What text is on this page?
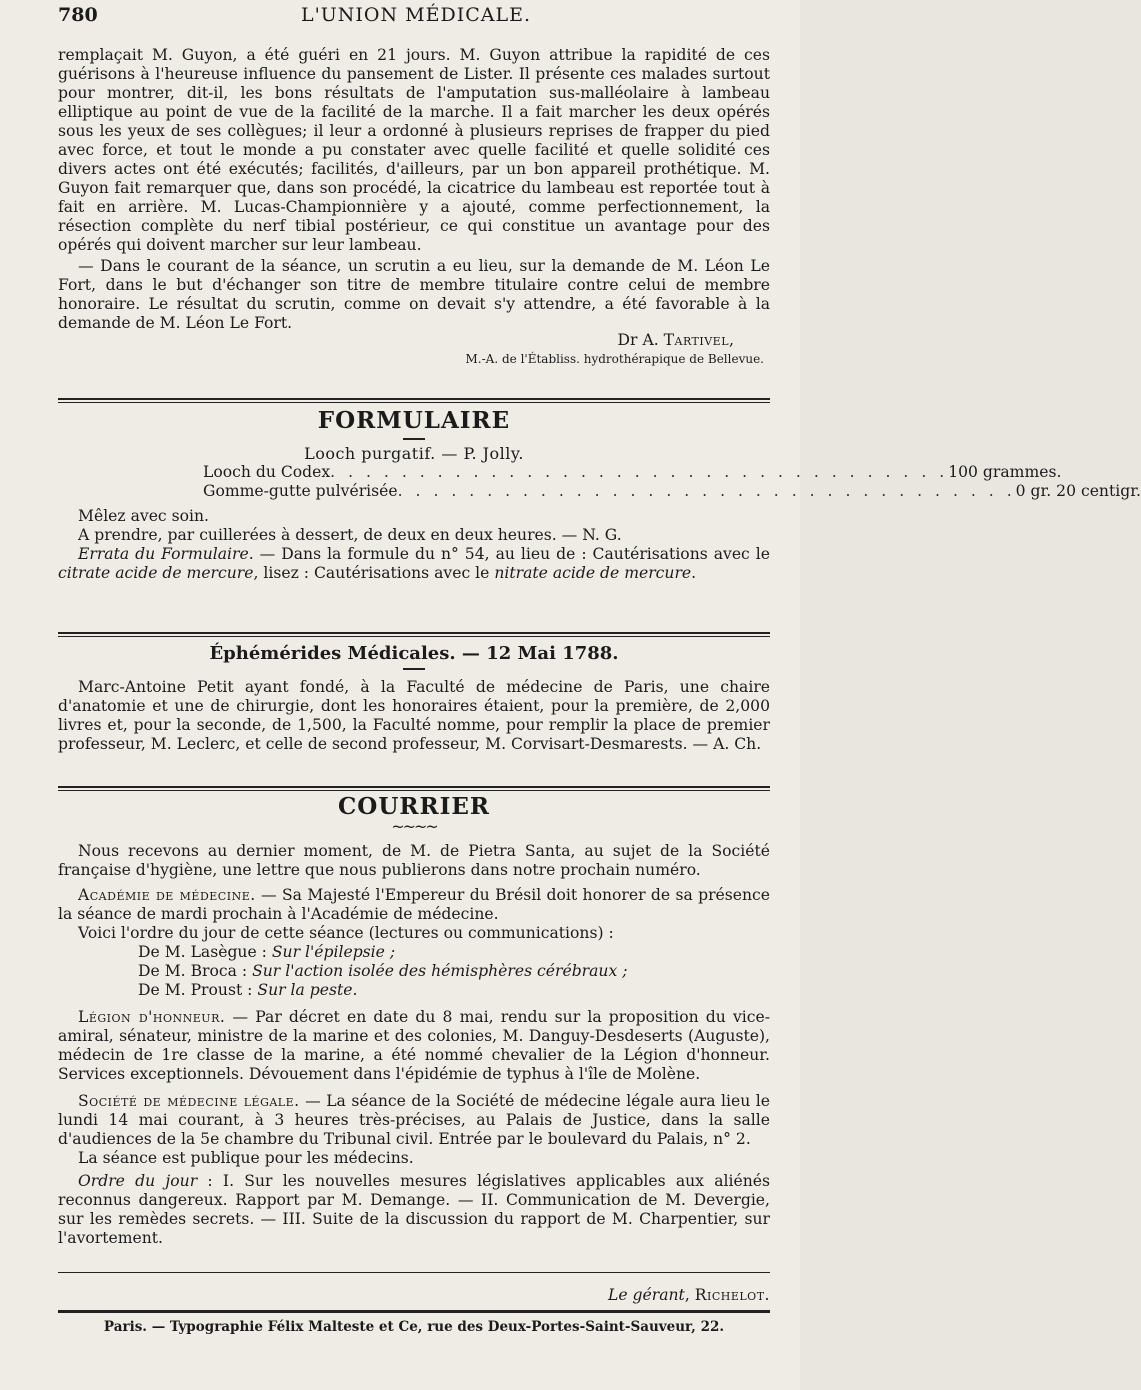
780	L'UNION MÉDICALE.

remplaçait M. Guyon, a été guéri en 21 jours. M. Guyon attribue la rapidité de ces guérisons à l'heureuse influence du pansement de Lister. Il présente ces malades surtout pour montrer, dit-il, les bons résultats de l'amputation sus-malléolaire à lambeau elliptique au point de vue de la facilité de la marche. Il a fait marcher les deux opérés sous les yeux de ses collègues; il leur a ordonné à plusieurs reprises de frapper du pied avec force, et tout le monde a pu constater avec quelle facilité et quelle solidité ces divers actes ont été exécutés; facilités, d'ailleurs, par un bon appareil prothétique. M. Guyon fait remarquer que, dans son procédé, la cicatrice du lambeau est reportée tout à fait en arrière. M. Lucas-Championnière y a ajouté, comme perfectionnement, la résection complète du nerf tibial postérieur, ce qui constitue un avantage pour des opérés qui doivent marcher sur leur lambeau.

— Dans le courant de la séance, un scrutin a eu lieu, sur la demande de M. Léon Le Fort, dans le but d'échanger son titre de membre titulaire contre celui de membre honoraire. Le résultat du scrutin, comme on devait s'y attendre, a été favorable à la demande de M. Léon Le Fort.

Dr A. Tartivel,
M.-A. de l'Établiss. hydrothérapique de Bellevue.
FORMULAIRE
Looch purgatif. — P. Jolly.
Looch du Codex . . . . . . . . . . . . . . . . . . . . . . . . . . . . . . . . . . . 100 grammes.
Gomme-gutte pulvérisée . . . . . . . . . . . . . . . . . . . . . . . . . . . . . . . . . . . 0 gr. 20 centigr.

Mêlez avec soin.

A prendre, par cuillerées à dessert, de deux en deux heures. — N. G.

Errata du Formulaire. — Dans la formule du n° 54, au lieu de : Cautérisations avec le citrate acide de mercure, lisez : Cautérisations avec le nitrate acide de mercure.

Éphémérides Médicales. — 12 Mai 1788.

Marc-Antoine Petit ayant fondé, à la Faculté de médecine de Paris, une chaire d'anatomie et une de chirurgie, dont les honoraires étaient, pour la première, de 2,000 livres et, pour la seconde, de 1,500, la Faculté nomme, pour remplir la place de premier professeur, M. Leclerc, et celle de second professeur, M. Corvisart-Desmarests. — A. Ch.

COURRIER
~~~~

Nous recevons au dernier moment, de M. de Pietra Santa, au sujet de la Société française d'hygiène, une lettre que nous publierons dans notre prochain numéro.

Académie de médecine. — Sa Majesté l'Empereur du Brésil doit honorer de sa présence la séance de mardi prochain à l'Académie de médecine.

Voici l'ordre du jour de cette séance (lectures ou communications) :

De M. Lasègue : Sur l'épilepsie ;
De M. Broca : Sur l'action isolée des hémisphères cérébraux ;
De M. Proust : Sur la peste.

Légion d'honneur. — Par décret en date du 8 mai, rendu sur la proposition du vice-amiral, sénateur, ministre de la marine et des colonies, M. Danguy-Desdeserts (Auguste), médecin de 1re classe de la marine, a été nommé chevalier de la Légion d'honneur. Services exceptionnels. Dévouement dans l'épidémie de typhus à l'île de Molène.

Société de médecine légale. — La séance de la Société de médecine légale aura lieu le lundi 14 mai courant, à 3 heures très-précises, au Palais de Justice, dans la salle d'audiences de la 5e chambre du Tribunal civil. Entrée par le boulevard du Palais, n° 2.

La séance est publique pour les médecins.

Ordre du jour : I. Sur les nouvelles mesures législatives applicables aux aliénés reconnus dangereux. Rapport par M. Demange. — II. Communication de M. Devergie, sur les remèdes secrets. — III. Suite de la discussion du rapport de M. Charpentier, sur l'avortement.

Le gérant, Richelot.
Paris. — Typographie Félix Malteste et Ce, rue des Deux-Portes-Saint-Sauveur, 22.
